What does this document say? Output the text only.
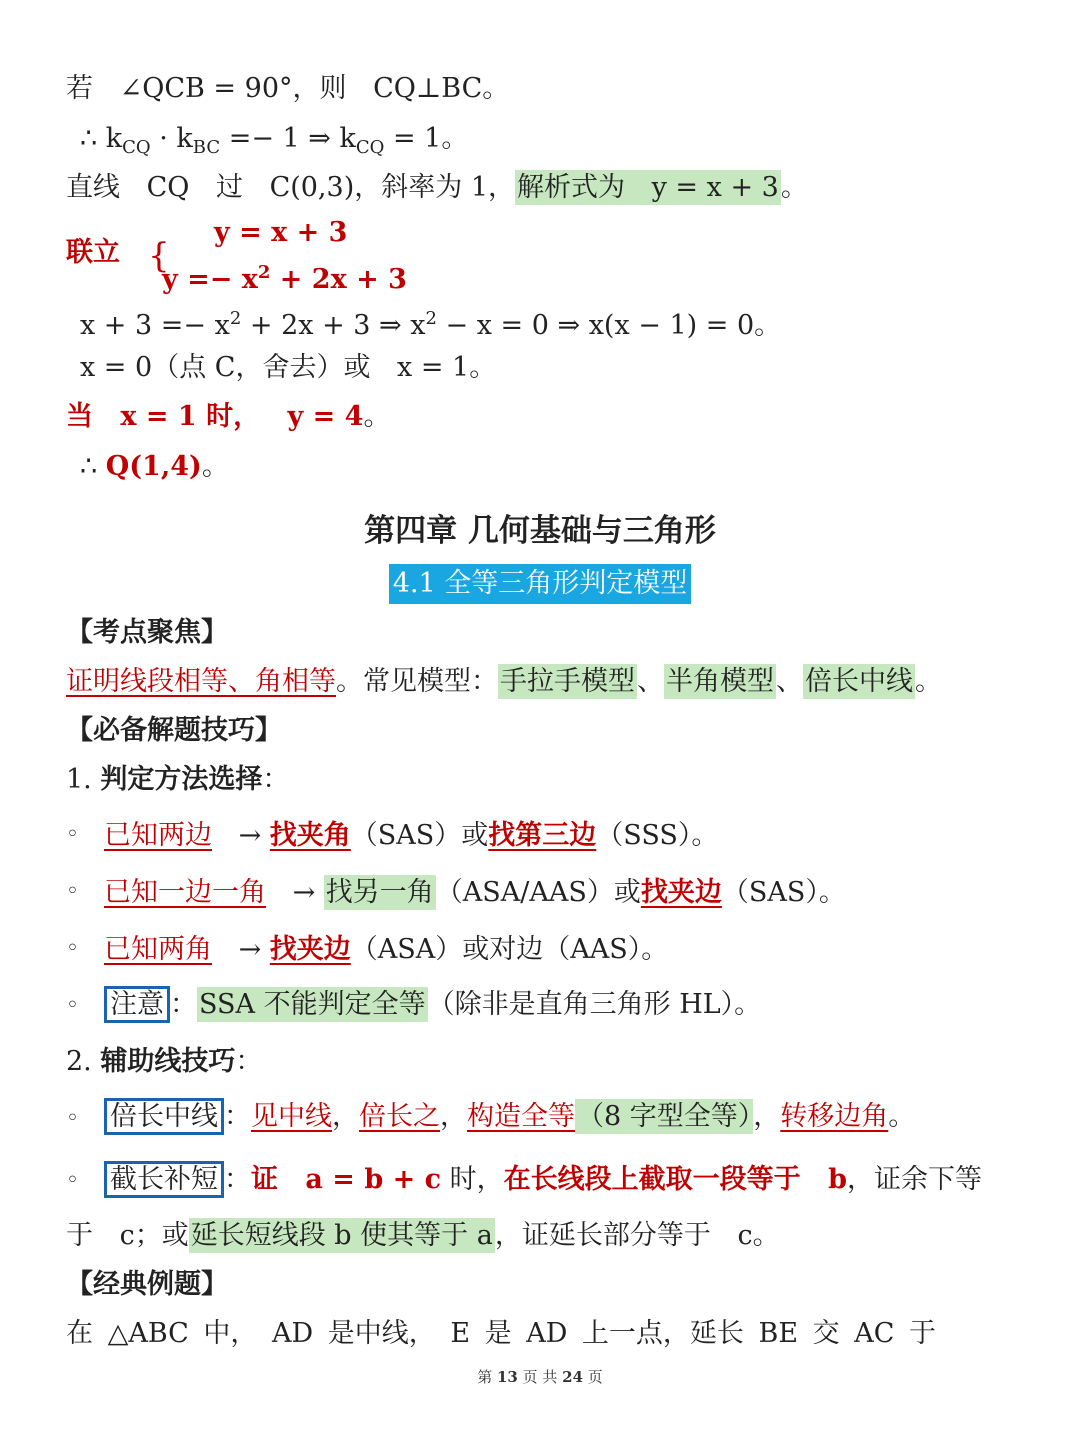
若 ∠QCB = 90°，则 CQ⊥BC。
∴ $k_{CQ} \cdot k_{BC} =- 1$ ⇒ $k_{CQ} = 1$。
直线 CQ 过 C(0,3)，斜率为 1，解析式为 y = x + 3。
联立 {
y = x + 3
$y =- x^2 + 2x + 3$
$x + 3 =- x^2 + 2x + 3$ ⇒ $x^2 - x = 0$ ⇒ x(x − 1) = 0。
x = 0（点 C，舍去）或 x = 1。
当 x = 1 时， y = 4。
∴ Q(1,4)。
第四章 几何基础与三角形
4.1 全等三角形判定模型
【考点聚焦】
证明线段相等、角相等。常见模型：手拉手模型、半角模型、倍长中线。
【必备解题技巧】
1. 判定方法选择：
◦ 已知两边 → 找夹角（SAS）或找第三边（SSS）。
◦ 已知一边一角 → 找另一角（ASA/AAS）或找夹边（SAS）。
◦ 已知两角 → 找夹边（ASA）或对边（AAS）。
◦ 注意 ：SSA 不能判定全等（除非是直角三角形 HL）。
2. 辅助线技巧：
◦ 倍长中线 ：见中线，倍长之，构造全等（8 字型全等），转移边角。
◦ 截长补短 ：证 a = b + c 时，在长线段上截取一段等于 b，证余下等
于 c；或延长短线段 b 使其等于 a，证延长部分等于 c。
【经典例题】
在 △ABC 中， AD 是中线， E 是 AD 上一点，延长 BE 交 AC 于
第 13 页 共 24 页
